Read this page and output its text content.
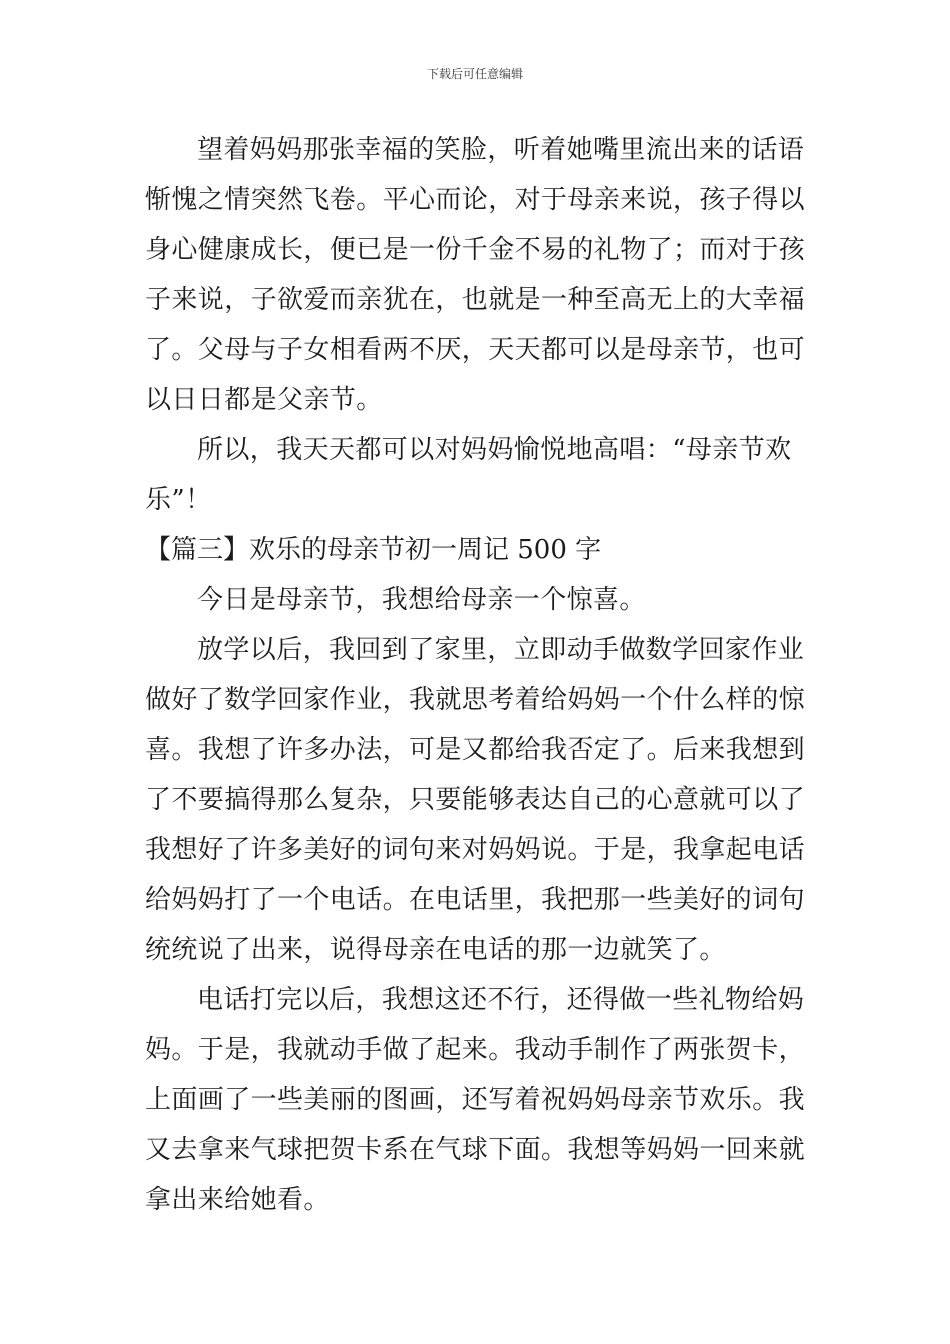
下载后可任意编辑
望着妈妈那张幸福的笑脸，听着她嘴里流出来的话语
惭愧之情突然飞卷。平心而论，对于母亲来说，孩子得以
身心健康成长，便已是一份千金不易的礼物了；而对于孩
子来说，子欲爱而亲犹在，也就是一种至高无上的大幸福
了。父母与子女相看两不厌，天天都可以是母亲节，也可
以日日都是父亲节。
所以，我天天都可以对妈妈愉悦地高唱：“母亲节欢
乐”！
【篇三】欢乐的母亲节初一周记 500 字
今日是母亲节，我想给母亲一个惊喜。
放学以后，我回到了家里，立即动手做数学回家作业
做好了数学回家作业，我就思考着给妈妈一个什么样的惊
喜。我想了许多办法，可是又都给我否定了。后来我想到
了不要搞得那么复杂，只要能够表达自己的心意就可以了
我想好了许多美好的词句来对妈妈说。于是，我拿起电话
给妈妈打了一个电话。在电话里，我把那一些美好的词句
统统说了出来，说得母亲在电话的那一边就笑了。
电话打完以后，我想这还不行，还得做一些礼物给妈
妈。于是，我就动手做了起来。我动手制作了两张贺卡，
上面画了一些美丽的图画，还写着祝妈妈母亲节欢乐。我
又去拿来气球把贺卡系在气球下面。我想等妈妈一回来就
拿出来给她看。
